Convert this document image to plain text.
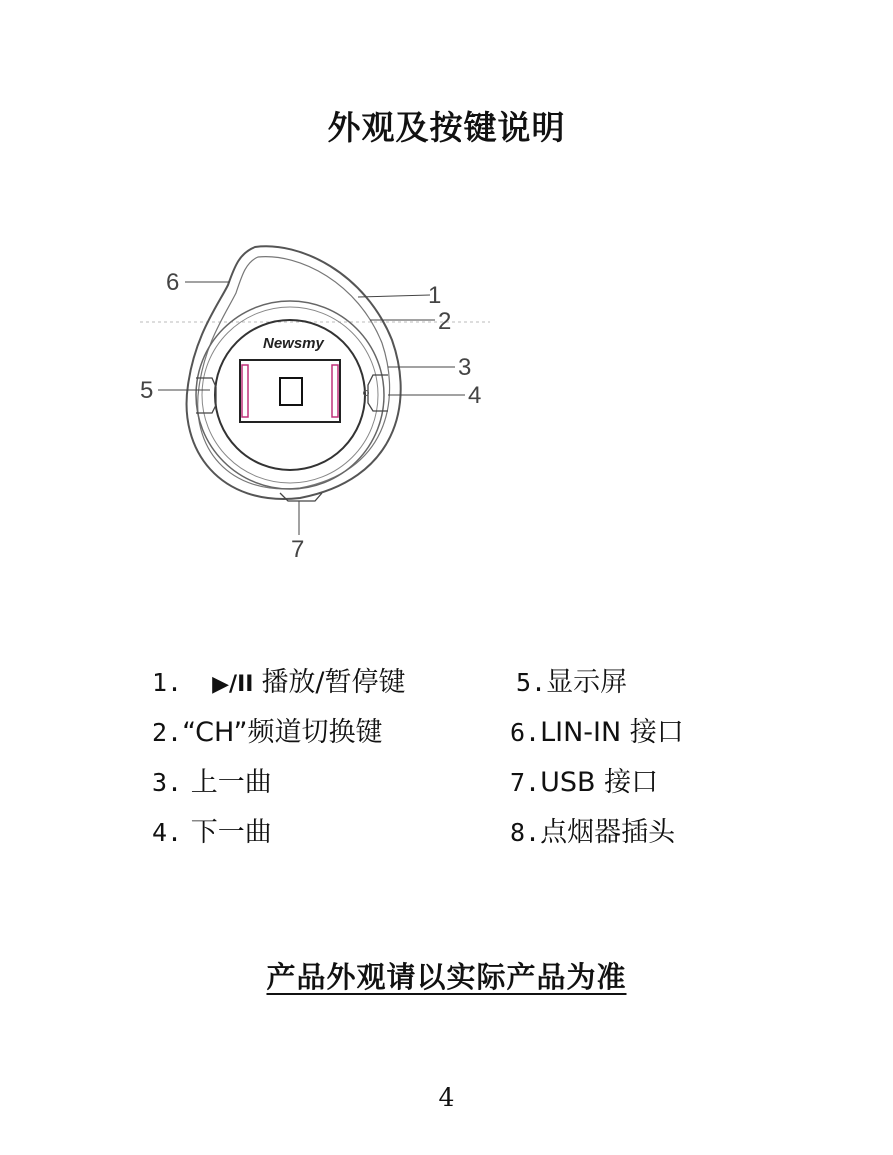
外观及按键说明
Newsmy
6	1
2
3
4
5
7
1. ▶/II 播放/暂停键
2.“CH”频道切换键
3. 上一曲
4. 下一曲
5.显示屏
6.LIN-IN 接口
7.USB 接口
8.点烟器插头

产品外观请以实际产品为准

4
